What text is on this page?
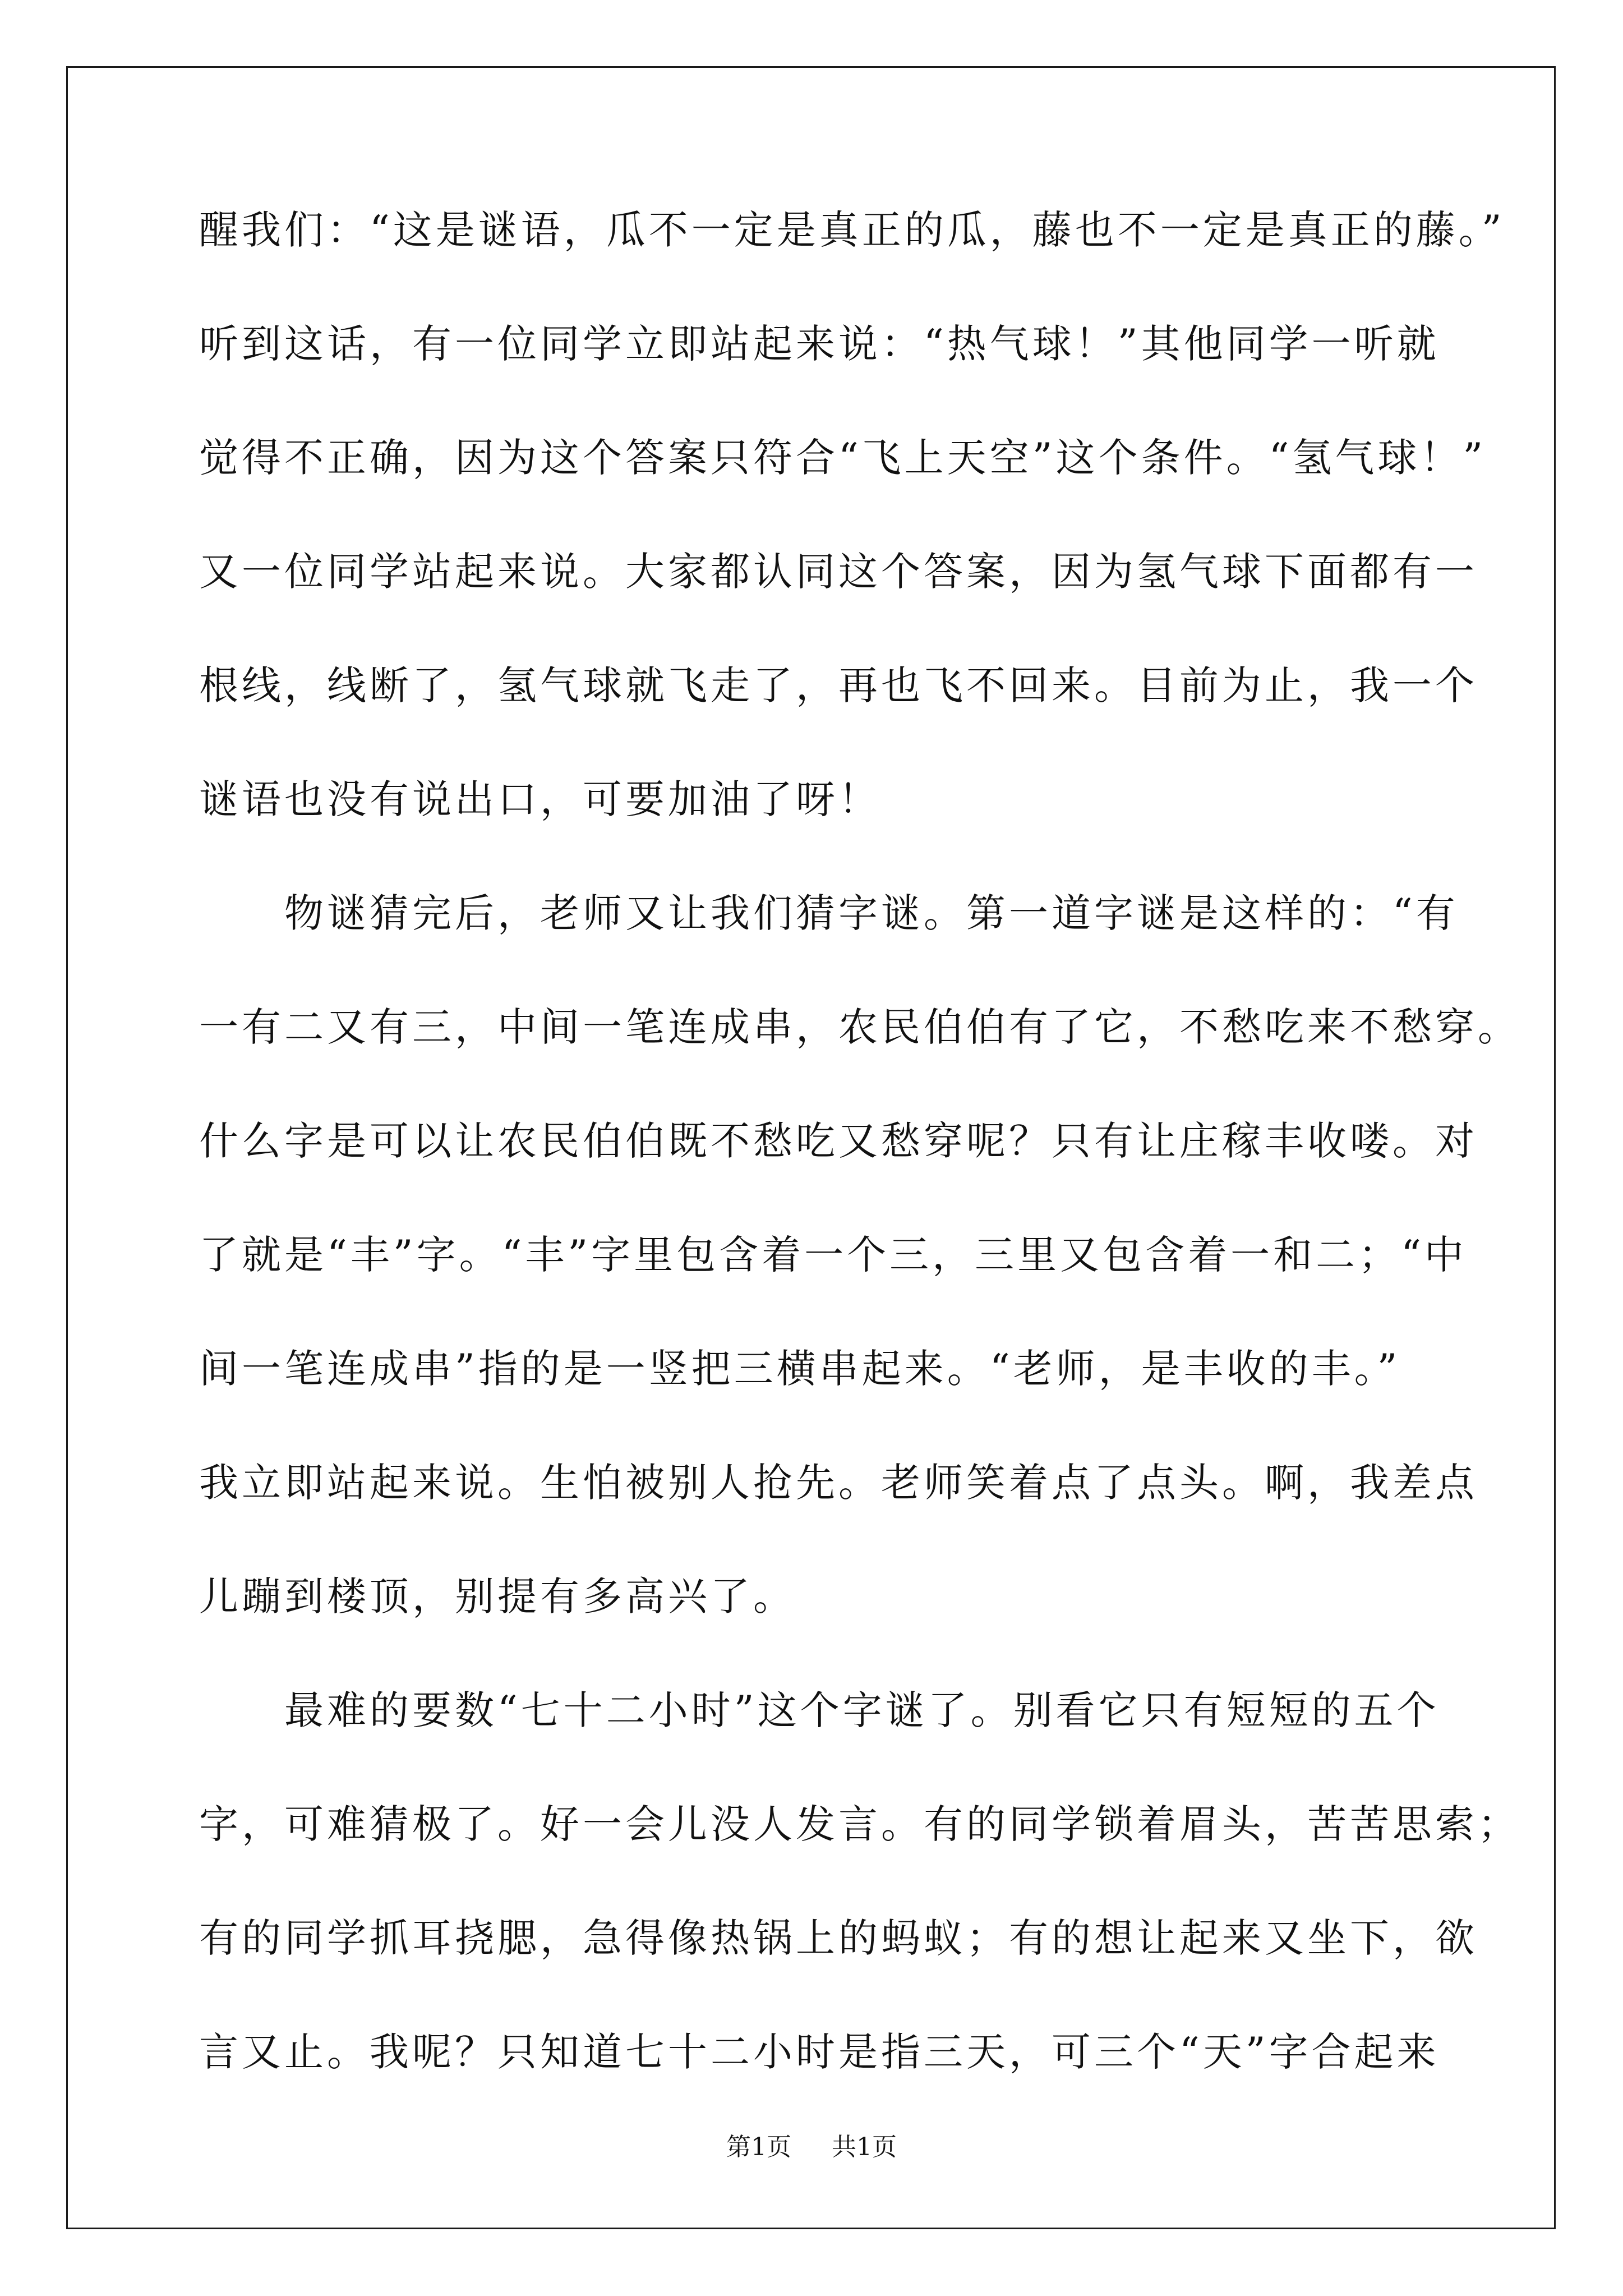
醒我们：“这是谜语，瓜不一定是真正的瓜，藤也不一定是真正的藤。”
听到这话，有一位同学立即站起来说：“热气球！”其他同学一听就
觉得不正确，因为这个答案只符合“飞上天空”这个条件。“氢气球！”
又一位同学站起来说。大家都认同这个答案，因为氢气球下面都有一
根线，线断了，氢气球就飞走了，再也飞不回来。目前为止，我一个
谜语也没有说出口，可要加油了呀！
　　物谜猜完后，老师又让我们猜字谜。第一道字谜是这样的：“有
一有二又有三，中间一笔连成串，农民伯伯有了它，不愁吃来不愁穿。
什么字是可以让农民伯伯既不愁吃又愁穿呢？只有让庄稼丰收喽。对
了就是“丰”字。“丰”字里包含着一个三，三里又包含着一和二；“中
间一笔连成串”指的是一竖把三横串起来。“老师，是丰收的丰。”
我立即站起来说。生怕被别人抢先。老师笑着点了点头。啊，我差点
儿蹦到楼顶，别提有多高兴了。
　　最难的要数“七十二小时”这个字谜了。别看它只有短短的五个
字，可难猜极了。好一会儿没人发言。有的同学锁着眉头，苦苦思索；
有的同学抓耳挠腮，急得像热锅上的蚂蚁；有的想让起来又坐下，欲
言又止。我呢？只知道七十二小时是指三天，可三个“天”字合起来
第1页 共1页
